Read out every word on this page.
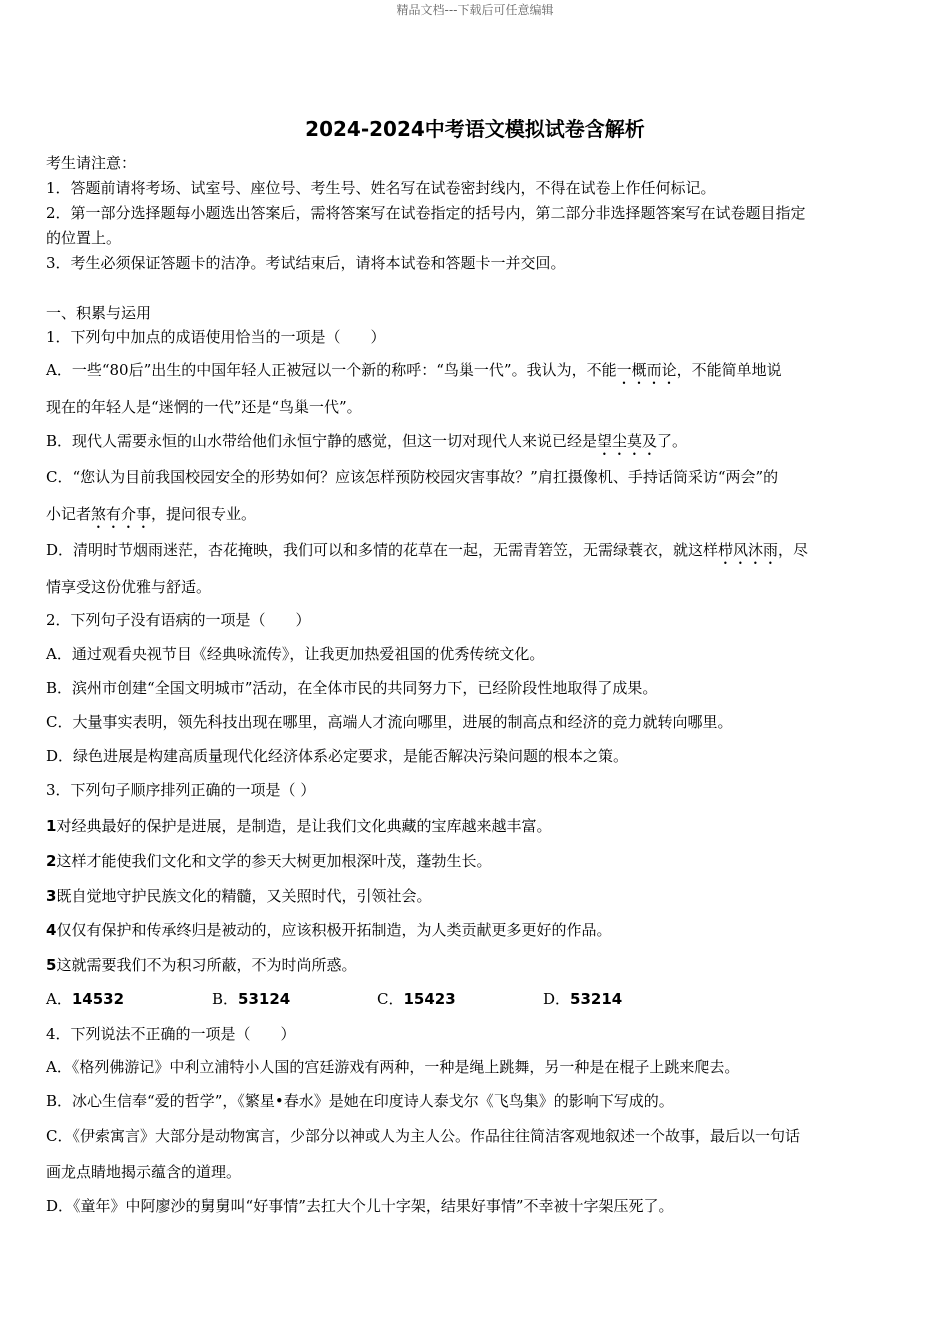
精品文档---下载后可任意编辑
2024-2024中考语文模拟试卷含解析
考生请注意：
1．答题前请将考场、试室号、座位号、考生号、姓名写在试卷密封线内，不得在试卷上作任何标记。
2．第一部分选择题每小题选出答案后，需将答案写在试卷指定的括号内，第二部分非选择题答案写在试卷题目指定
的位置上。
3．考生必须保证答题卡的洁净。考试结束后，请将本试卷和答题卡一并交回。
一、积累与运用
1．下列句中加点的成语使用恰当的一项是（　　）
A．一些“80后”出生的中国年轻人正被冠以一个新的称呼：“鸟巢一代”。我认为，不能一概而论，不能简单地说
现在的年轻人是“迷惘的一代”还是“鸟巢一代”。
B．现代人需要永恒的山水带给他们永恒宁静的感觉，但这一切对现代人来说已经是望尘莫及了。
C．“您认为目前我国校园安全的形势如何？应该怎样预防校园灾害事故？”肩扛摄像机、手持话筒采访“两会”的
小记者煞有介事，提问很专业。
D．清明时节烟雨迷茫，杏花掩映，我们可以和多情的花草在一起，无需青箬笠，无需绿蓑衣，就这样栉风沐雨，尽
情享受这份优雅与舒适。
2．下列句子没有语病的一项是（　　）
A．通过观看央视节目《经典咏流传》，让我更加热爱祖国的优秀传统文化。
B．滨州市创建“全国文明城市”活动，在全体市民的共同努力下，已经阶段性地取得了成果。
C．大量事实表明，领先科技出现在哪里，高端人才流向哪里，进展的制高点和经济的竞力就转向哪里。
D．绿色进展是构建高质量现代化经济体系必定要求，是能否解决污染问题的根本之策。
3．下列句子顺序排列正确的一项是（ ）
1对经典最好的保护是进展，是制造，是让我们文化典藏的宝库越来越丰富。
2这样才能使我们文化和文学的参天大树更加根深叶茂，蓬勃生长。
3既自觉地守护民族文化的精髓，又关照时代，引领社会。
4仅仅有保护和传承终归是被动的，应该积极开拓制造，为人类贡献更多更好的作品。
5这就需要我们不为积习所蔽，不为时尚所惑。
A．14532	B．53124	C．15423	D．53214
4．下列说法不正确的一项是（　　）
A．《格列佛游记》中利立浦特小人国的宫廷游戏有两种，一种是绳上跳舞，另一种是在棍子上跳来爬去。
B．冰心生信奉“爱的哲学”，《繁星•春水》是她在印度诗人泰戈尔《飞鸟集》的影响下写成的。
C．《伊索寓言》大部分是动物寓言，少部分以神或人为主人公。作品往往简洁客观地叙述一个故事，最后以一句话
画龙点睛地揭示蕴含的道理。
D．《童年》中阿廖沙的舅舅叫“好事情”去扛大个儿十字架，结果好事情”不幸被十字架压死了。
